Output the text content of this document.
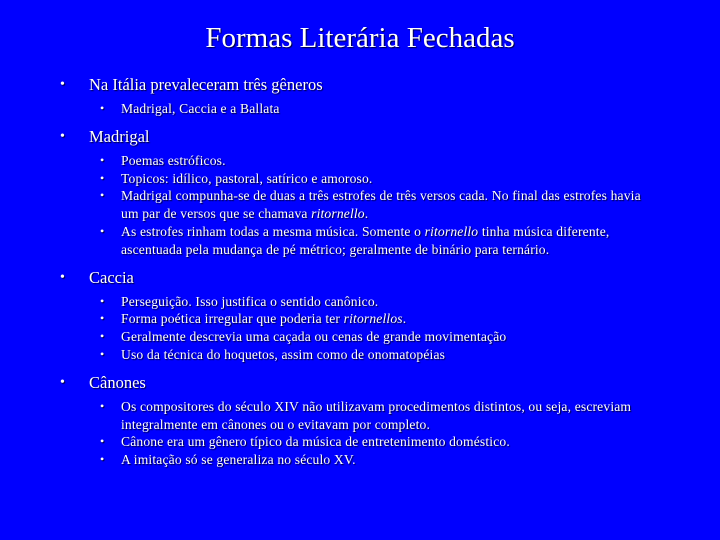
Formas Literária Fechadas
• Na Itália prevaleceram três gêneros
• Madrigal, Caccia e a Ballata
• Madrigal
• Poemas estróficos.
• Topicos: idílico, pastoral, satírico e amoroso.
• Madrigal compunha-se de duas a três estrofes de três versos cada. No final das estrofes havia um par de versos que se chamava ritornello.
• As estrofes rinham todas a mesma música. Somente o ritornello tinha música diferente, ascentuada pela mudança de pé métrico; geralmente de binário para ternário.
• Caccia
• Perseguição. Isso justifica o sentido canônico.
• Forma poética irregular que poderia ter ritornellos.
• Geralmente descrevia uma caçada ou cenas de grande movimentação
• Uso da técnica do hoquetos, assim como de onomatopéias
• Cânones
• Os compositores do século XIV não utilizavam procedimentos distintos, ou seja, escreviam integralmente em cânones ou o evitavam por completo.
• Cânone era um gênero típico da música de entretenimento doméstico.
• A imitação só se generaliza no século XV.
